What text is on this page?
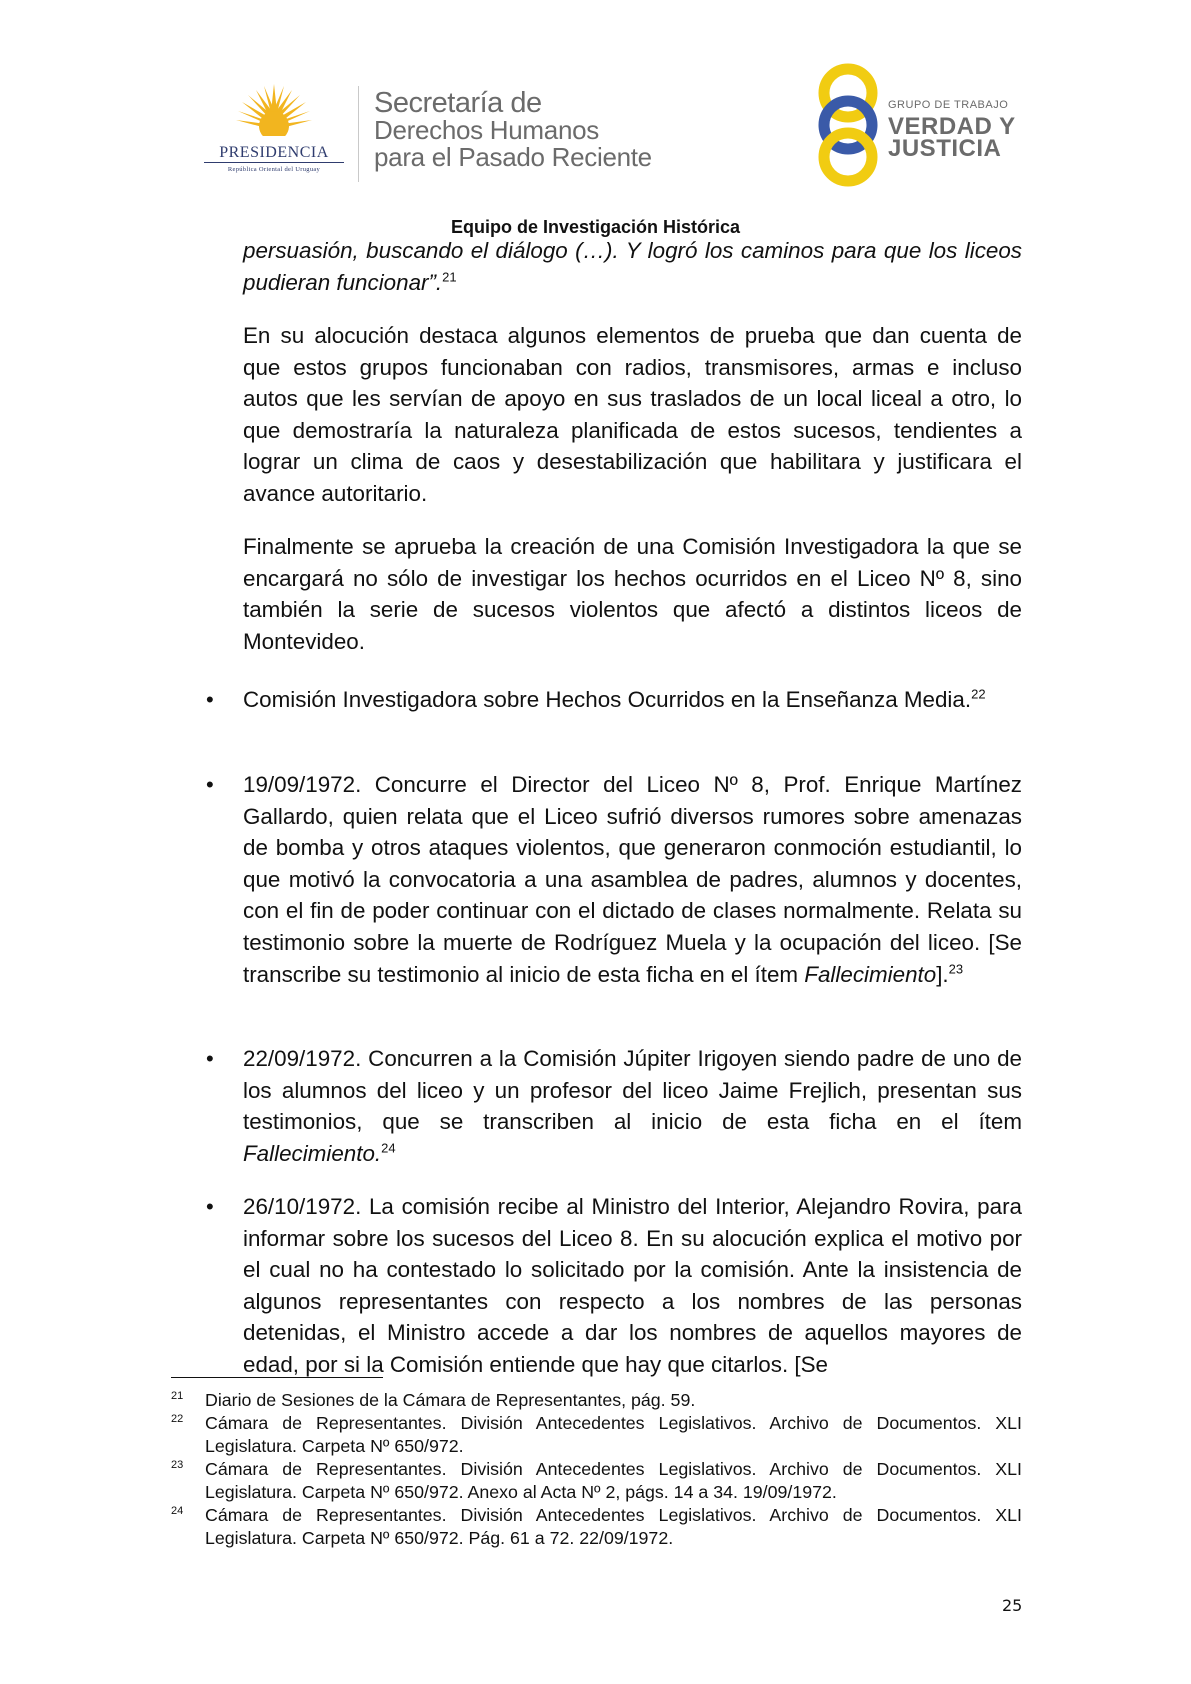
PRESIDENCIA
República Oriental del Uruguay
Secretaría de
Derechos Humanos
para el Pasado Reciente
GRUPO DE TRABAJO
VERDAD Y
JUSTICIA
Equipo de Investigación Histórica

persuasión, buscando el diálogo (…). Y logró los caminos para que los liceos pudieran funcionar”.$^{21}$

En su alocución destaca algunos elementos de prueba que dan cuenta de que estos grupos funcionaban con radios, transmisores, armas e incluso autos que les servían de apoyo en sus traslados de un local liceal a otro, lo que demostraría la naturaleza planificada de estos sucesos, tendientes a lograr un clima de caos y desestabilización que habilitara y justificara el avance autoritario.

Finalmente se aprueba la creación de una Comisión Investigadora la que se encargará no sólo de investigar los hechos ocurridos en el Liceo Nº 8, sino también la serie de sucesos violentos que afectó a distintos liceos de Montevideo.

• Comisión Investigadora sobre Hechos Ocurridos en la Enseñanza Media.$^{22}$

• 19/09/1972. Concurre el Director del Liceo Nº 8, Prof. Enrique Martínez Gallardo, quien relata que el Liceo sufrió diversos rumores sobre amenazas de bomba y otros ataques violentos, que generaron conmoción estudiantil, lo que motivó la convocatoria a una asamblea de padres, alumnos y docentes, con el fin de poder continuar con el dictado de clases normalmente. Relata su testimonio sobre la muerte de Rodríguez Muela y la ocupación del liceo. [Se transcribe su testimonio al inicio de esta ficha en el ítem Fallecimiento].$^{23}$

• 22/09/1972. Concurren a la Comisión Júpiter Irigoyen siendo padre de uno de los alumnos del liceo y un profesor del liceo Jaime Frejlich, presentan sus testimonios, que se transcriben al inicio de esta ficha en el ítem Fallecimiento.$^{24}$

• 26/10/1972. La comisión recibe al Ministro del Interior, Alejandro Rovira, para informar sobre los sucesos del Liceo 8. En su alocución explica el motivo por el cual no ha contestado lo solicitado por la comisión. Ante la insistencia de algunos representantes con respecto a los nombres de las personas detenidas, el Ministro accede a dar los nombres de aquellos mayores de edad, por si la Comisión entiende que hay que citarlos. [Se

21 Diario de Sesiones de la Cámara de Representantes, pág. 59.
22 Cámara de Representantes. División Antecedentes Legislativos. Archivo de Documentos. XLI Legislatura. Carpeta Nº 650/972.
23 Cámara de Representantes. División Antecedentes Legislativos. Archivo de Documentos. XLI Legislatura. Carpeta Nº 650/972. Anexo al Acta Nº 2, págs. 14 a 34. 19/09/1972.
24 Cámara de Representantes. División Antecedentes Legislativos. Archivo de Documentos. XLI Legislatura. Carpeta Nº 650/972. Pág. 61 a 72. 22/09/1972.
25
